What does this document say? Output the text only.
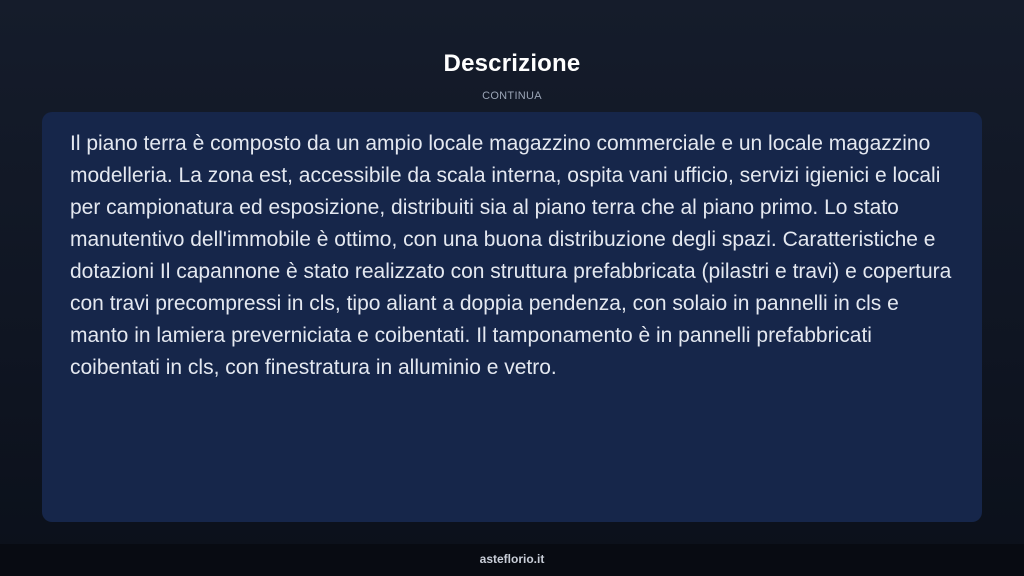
Descrizione
CONTINUA

Il piano terra è composto da un ampio locale magazzino commerciale e un locale magazzino modelleria. La zona est, accessibile da scala interna, ospita vani ufficio, servizi igienici e locali per campionatura ed esposizione, distribuiti sia al piano terra che al piano primo. Lo stato manutentivo dell'immobile è ottimo, con una buona distribuzione degli spazi. Caratteristiche e dotazioni Il capannone è stato realizzato con struttura prefabbricata (pilastri e travi) e copertura con travi precompressi in cls, tipo aliant a doppia pendenza, con solaio in pannelli in cls e manto in lamiera preverniciata e coibentati. Il tamponamento è in pannelli prefabbricati coibentati in cls, con finestratura in alluminio e vetro.

asteflorio.it
